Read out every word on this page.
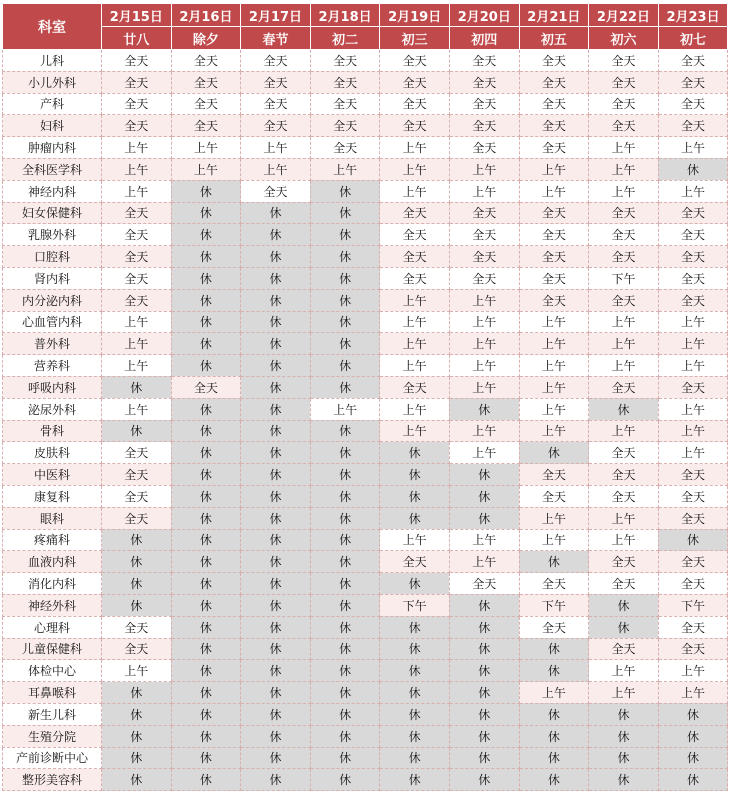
科室	2月15日	2月16日	2月17日	2月18日	2月19日	2月20日	2月21日	2月22日	2月23日
	廿八	除夕	春节	初二	初三	初四	初五	初六	初七
儿科	全天	全天	全天	全天	全天	全天	全天	全天	全天
小儿外科	全天	全天	全天	全天	全天	全天	全天	全天	全天
产科	全天	全天	全天	全天	全天	全天	全天	全天	全天
妇科	全天	全天	全天	全天	全天	全天	全天	全天	全天
肿瘤内科	上午	上午	上午	全天	上午	全天	全天	上午	上午
全科医学科	上午	上午	上午	上午	上午	上午	上午	上午	休
神经内科	上午	休	全天	休	上午	上午	上午	上午	上午
妇女保健科	全天	休	休	休	全天	全天	全天	全天	全天
乳腺外科	全天	休	休	休	全天	全天	全天	全天	全天
口腔科	全天	休	休	休	全天	全天	全天	全天	全天
肾内科	全天	休	休	休	全天	全天	全天	下午	全天
内分泌内科	全天	休	休	休	上午	上午	全天	全天	全天
心血管内科	上午	休	休	休	上午	上午	上午	上午	上午
普外科	上午	休	休	休	上午	上午	上午	上午	上午
营养科	上午	休	休	休	上午	上午	上午	上午	上午
呼吸内科	休	全天	休	休	全天	上午	上午	全天	全天
泌尿外科	上午	休	休	上午	上午	休	上午	休	上午
骨科	休	休	休	休	上午	上午	上午	上午	上午
皮肤科	全天	休	休	休	休	上午	休	全天	上午
中医科	全天	休	休	休	休	休	全天	全天	全天
康复科	全天	休	休	休	休	休	全天	全天	全天
眼科	全天	休	休	休	休	休	上午	上午	全天
疼痛科	休	休	休	休	上午	上午	上午	上午	休
血液内科	休	休	休	休	全天	上午	休	全天	全天
消化内科	休	休	休	休	休	全天	全天	全天	全天
神经外科	休	休	休	休	下午	休	下午	休	下午
心理科	全天	休	休	休	休	休	全天	休	全天
儿童保健科	全天	休	休	休	休	休	休	全天	全天
体检中心	上午	休	休	休	休	休	休	上午	上午
耳鼻喉科	休	休	休	休	休	休	上午	上午	上午
新生儿科	休	休	休	休	休	休	休	休	休
生殖分院	休	休	休	休	休	休	休	休	休
产前诊断中心	休	休	休	休	休	休	休	休	休
整形美容科	休	休	休	休	休	休	休	休	休
